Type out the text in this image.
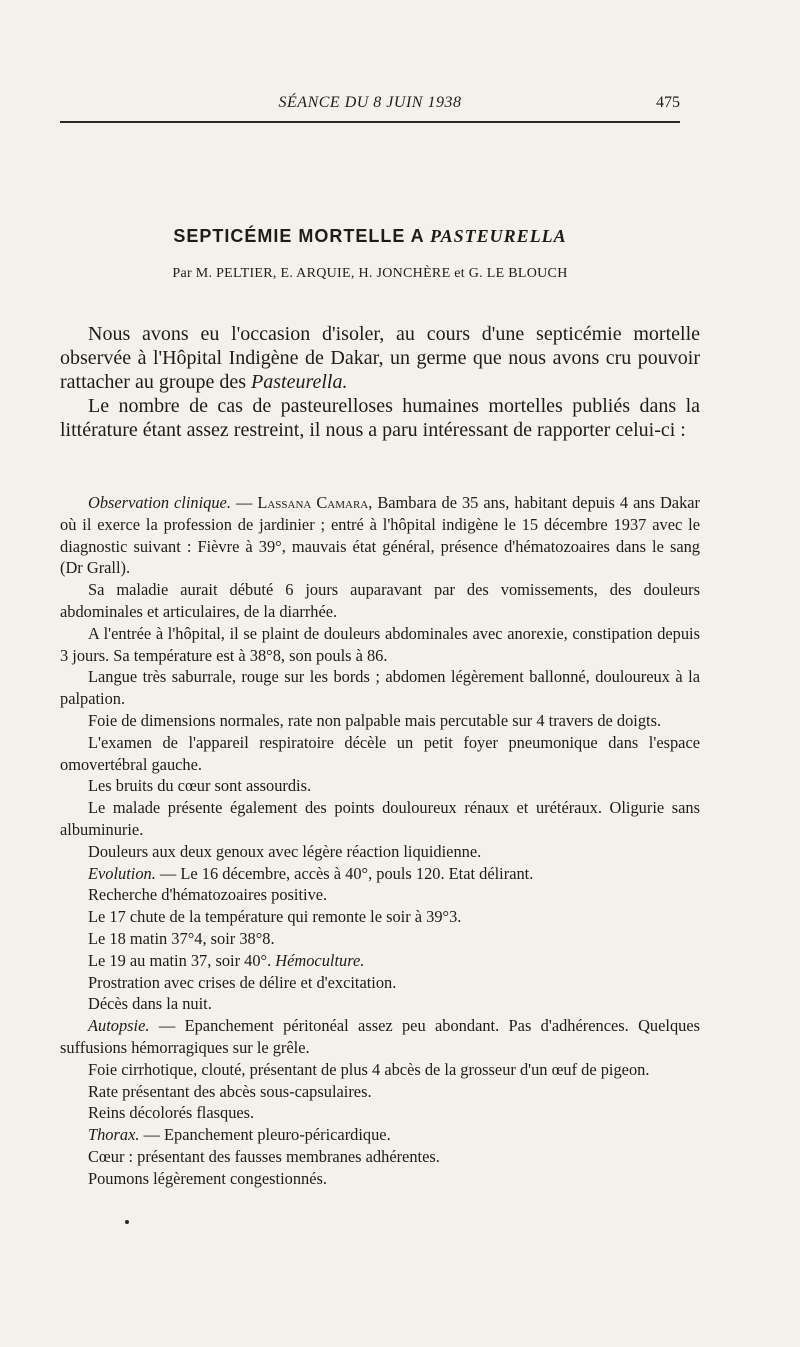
SÉANCE DU 8 JUIN 1938	475
SEPTICÉMIE MORTELLE A PASTEURELLA
Par M. PELTIER, E. ARQUIE, H. JONCHÈRE et G. LE BLOUCH

Nous avons eu l'occasion d'isoler, au cours d'une septicémie mortelle observée à l'Hôpital Indigène de Dakar, un germe que nous avons cru pouvoir rattacher au groupe des Pasteurella.

Le nombre de cas de pasteurelloses humaines mortelles publiés dans la littérature étant assez restreint, il nous a paru intéressant de rapporter celui-ci :

Observation clinique. — Lassana Camara, Bambara de 35 ans, habitant depuis 4 ans Dakar où il exerce la profession de jardinier ; entré à l'hôpital indigène le 15 décembre 1937 avec le diagnostic suivant : Fièvre à 39°, mauvais état général, présence d'hématozoaires dans le sang (Dr Grall).

Sa maladie aurait débuté 6 jours auparavant par des vomissements, des douleurs abdominales et articulaires, de la diarrhée.

A l'entrée à l'hôpital, il se plaint de douleurs abdominales avec anorexie, constipation depuis 3 jours. Sa température est à 38°8, son pouls à 86.

Langue très saburrale, rouge sur les bords ; abdomen légèrement ballonné, douloureux à la palpation.

Foie de dimensions normales, rate non palpable mais percutable sur 4 travers de doigts.

L'examen de l'appareil respiratoire décèle un petit foyer pneumonique dans l'espace omovertébral gauche.

Les bruits du cœur sont assourdis.

Le malade présente également des points douloureux rénaux et urétéraux. Oligurie sans albuminurie.

Douleurs aux deux genoux avec légère réaction liquidienne.

Evolution. — Le 16 décembre, accès à 40°, pouls 120. Etat délirant.

Recherche d'hématozoaires positive.

Le 17 chute de la température qui remonte le soir à 39°3.

Le 18 matin 37°4, soir 38°8.

Le 19 au matin 37, soir 40°. Hémoculture.

Prostration avec crises de délire et d'excitation.

Décès dans la nuit.

Autopsie. — Epanchement péritonéal assez peu abondant. Pas d'adhérences. Quelques suffusions hémorragiques sur le grêle.

Foie cirrhotique, clouté, présentant de plus 4 abcès de la grosseur d'un œuf de pigeon.

Rate présentant des abcès sous-capsulaires.

Reins décolorés flasques.

Thorax. — Epanchement pleuro-péricardique.

Cœur : présentant des fausses membranes adhérentes.

Poumons légèrement congestionnés.
